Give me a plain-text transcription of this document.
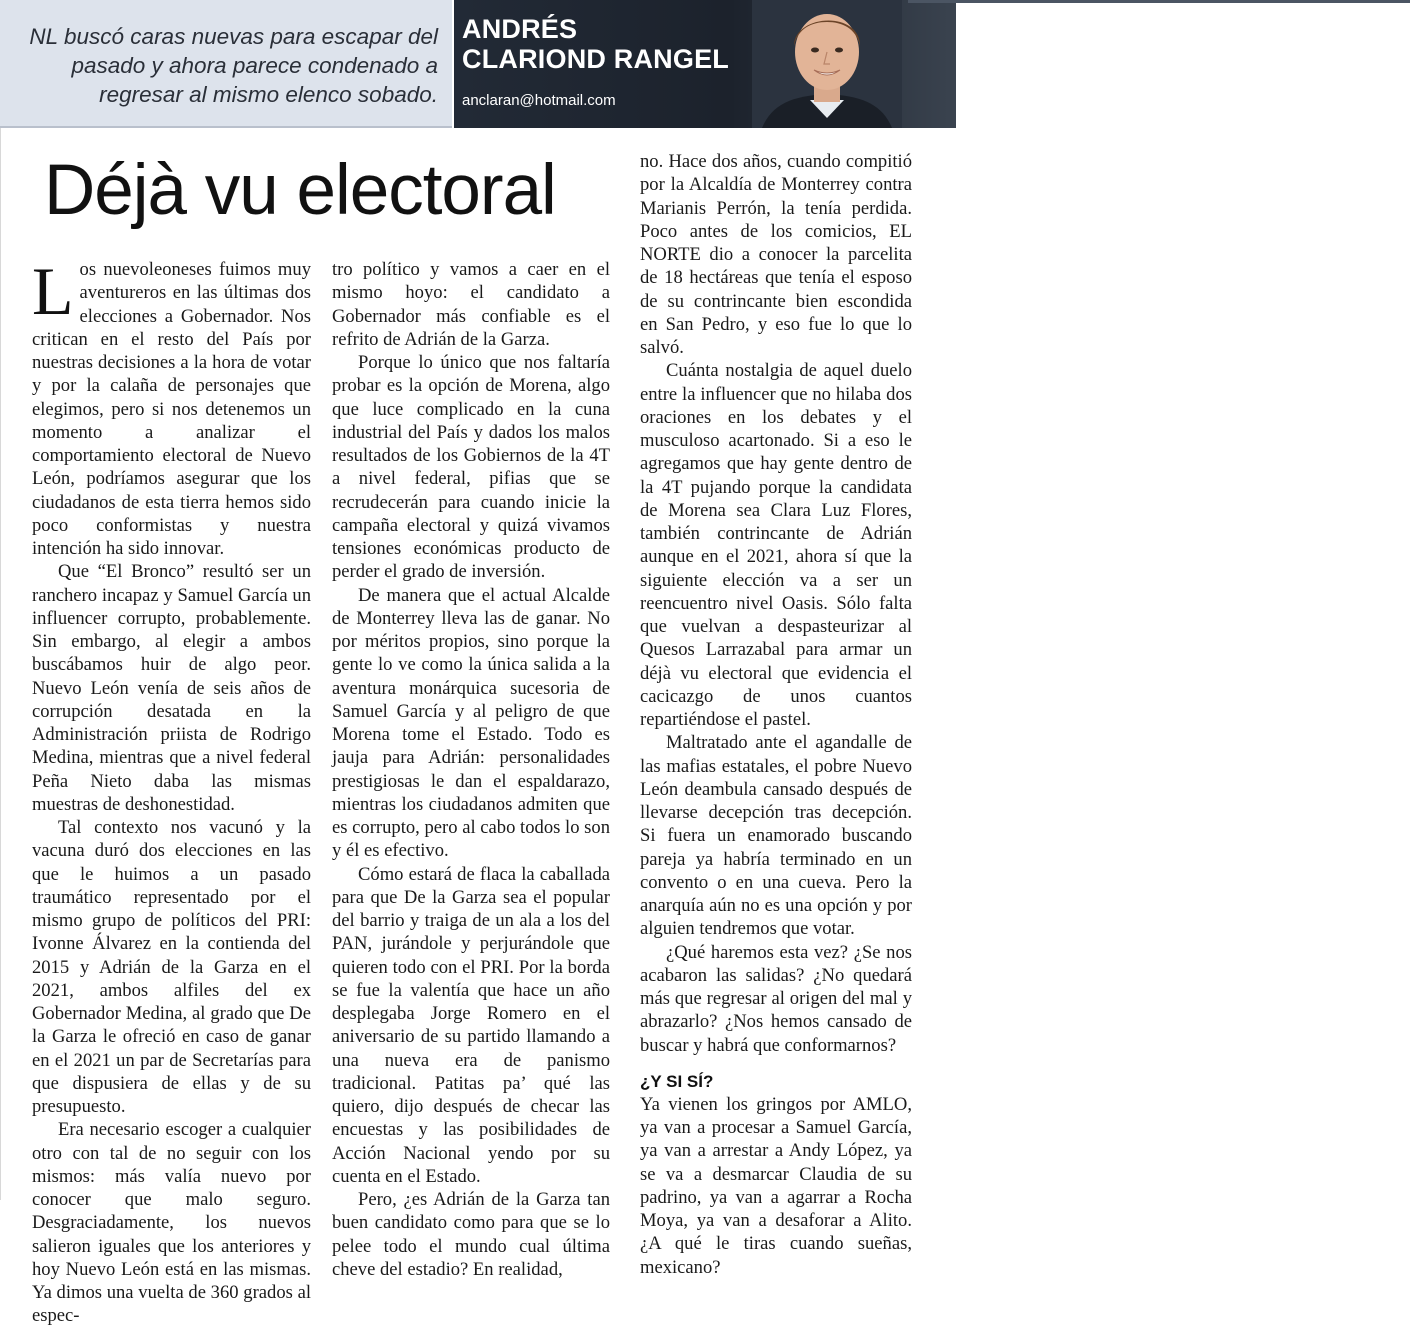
NL buscó caras nuevas para escapar del pasado y ahora parece condenado a regresar al mismo elenco sobado.
ANDRÉS
CLARIOND RANGEL
anclaran@hotmail.com
Déjà vu electoral

Los nuevoleoneses fuimos muy aventureros en las últimas dos elecciones a Gobernador. Nos critican en el resto del País por nuestras decisiones a la hora de votar y por la calaña de personajes que elegimos, pero si nos detenemos un momento a analizar el comportamiento electoral de Nuevo León, podríamos asegurar que los ciudadanos de esta tierra hemos sido poco conformistas y nuestra intención ha sido innovar.

Que “El Bronco” resultó ser un ranchero incapaz y Samuel García un influencer corrupto, probablemente. Sin embargo, al elegir a ambos buscábamos huir de algo peor. Nuevo León venía de seis años de corrupción desatada en la Administración priista de Rodrigo Medina, mientras que a nivel federal Peña Nieto daba las mismas muestras de deshonestidad.

Tal contexto nos vacunó y la vacuna duró dos elecciones en las que le huimos a un pasado traumático representado por el mismo grupo de políticos del PRI: Ivonne Álvarez en la contienda del 2015 y Adrián de la Garza en el 2021, ambos alfiles del ex Gobernador Medina, al grado que De la Garza le ofreció en caso de ganar en el 2021 un par de Secretarías para que dispusiera de ellas y de su presupuesto.

Era necesario escoger a cualquier otro con tal de no seguir con los mismos: más valía nuevo por conocer que malo seguro. Desgraciadamente, los nuevos salieron iguales que los anteriores y hoy Nuevo León está en las mismas. Ya dimos una vuelta de 360 grados al espec-

tro político y vamos a caer en el mismo hoyo: el candidato a Gobernador más confiable es el refrito de Adrián de la Garza.

Porque lo único que nos faltaría probar es la opción de Morena, algo que luce complicado en la cuna industrial del País y dados los malos resultados de los Gobiernos de la 4T a nivel federal, pifias que se recrudecerán para cuando inicie la campaña electoral y quizá vivamos tensiones económicas producto de perder el grado de inversión.

De manera que el actual Alcalde de Monterrey lleva las de ganar. No por méritos propios, sino porque la gente lo ve como la única salida a la aventura monárquica sucesoria de Samuel García y al peligro de que Morena tome el Estado. Todo es jauja para Adrián: personalidades prestigiosas le dan el espaldarazo, mientras los ciudadanos admiten que es corrupto, pero al cabo todos lo son y él es efectivo.

Cómo estará de flaca la caballada para que De la Garza sea el popular del barrio y traiga de un ala a los del PAN, jurándole y perjurándole que quieren todo con el PRI. Por la borda se fue la valentía que hace un año desplegaba Jorge Romero en el aniversario de su partido llamando a una nueva era de panismo tradicional. Patitas pa’ qué las quiero, dijo después de checar las encuestas y las posibilidades de Acción Nacional yendo por su cuenta en el Estado.

Pero, ¿es Adrián de la Garza tan buen candidato como para que se lo pelee todo el mundo cual última cheve del estadio? En realidad,

no. Hace dos años, cuando compitió por la Alcaldía de Monterrey contra Marianis Perrón, la tenía perdida. Poco antes de los comicios, EL NORTE dio a conocer la parcelita de 18 hectáreas que tenía el esposo de su contrincante bien escondida en San Pedro, y eso fue lo que lo salvó.

Cuánta nostalgia de aquel duelo entre la influencer que no hilaba dos oraciones en los debates y el musculoso acartonado. Si a eso le agregamos que hay gente dentro de la 4T pujando porque la candidata de Morena sea Clara Luz Flores, también contrincante de Adrián aunque en el 2021, ahora sí que la siguiente elección va a ser un reencuentro nivel Oasis. Sólo falta que vuelvan a despasteurizar al Quesos Larrazabal para armar un déjà vu electoral que evidencia el cacicazgo de unos cuantos repartiéndose el pastel.

Maltratado ante el agandalle de las mafias estatales, el pobre Nuevo León deambula cansado después de llevarse decepción tras decepción. Si fuera un enamorado buscando pareja ya habría terminado en un convento o en una cueva. Pero la anarquía aún no es una opción y por alguien tendremos que votar.

¿Qué haremos esta vez? ¿Se nos acabaron las salidas? ¿No quedará más que regresar al origen del mal y abrazarlo? ¿Nos hemos cansado de buscar y habrá que conformarnos?

¿Y SI SÍ?

Ya vienen los gringos por AMLO, ya van a procesar a Samuel García, ya van a arrestar a Andy López, ya se va a desmarcar Claudia de su padrino, ya van a agarrar a Rocha Moya, ya van a desaforar a Alito. ¿A qué le tiras cuando sueñas, mexicano?
